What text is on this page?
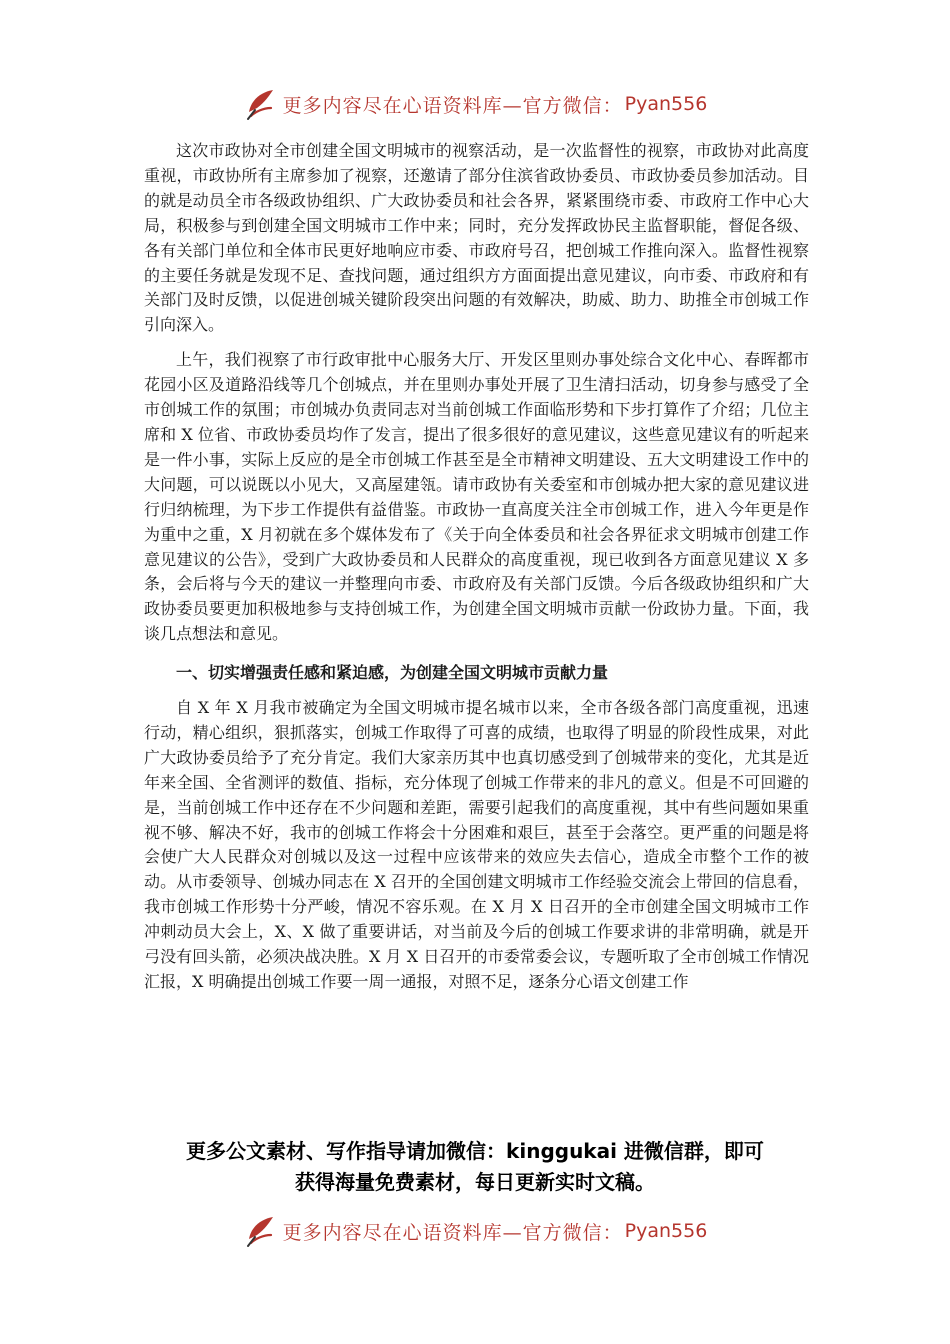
更多内容尽在心语资料库—官方微信： Pyan556

这次市政协对全市创建全国文明城市的视察活动，是一次监督性的视察，市政协对此高度重视，市政协所有主席参加了视察，还邀请了部分住滨省政协委员、市政协委员参加活动。目的就是动员全市各级政协组织、广大政协委员和社会各界，紧紧围绕市委、市政府工作中心大局，积极参与到创建全国文明城市工作中来；同时，充分发挥政协民主监督职能，督促各级、各有关部门单位和全体市民更好地响应市委、市政府号召，把创城工作推向深入。监督性视察的主要任务就是发现不足、查找问题，通过组织方方面面提出意见建议，向市委、市政府和有关部门及时反馈，以促进创城关键阶段突出问题的有效解决，助威、助力、助推全市创城工作引向深入。

上午，我们视察了市行政审批中心服务大厅、开发区里则办事处综合文化中心、春晖都市花园小区及道路沿线等几个创城点，并在里则办事处开展了卫生清扫活动，切身参与感受了全市创城工作的氛围；市创城办负责同志对当前创城工作面临形势和下步打算作了介绍；几位主席和 X 位省、市政协委员均作了发言，提出了很多很好的意见建议，这些意见建议有的听起来是一件小事，实际上反应的是全市创城工作甚至是全市精神文明建设、五大文明建设工作中的大问题，可以说既以小见大，又高屋建瓴。请市政协有关委室和市创城办把大家的意见建议进行归纳梳理，为下步工作提供有益借鉴。市政协一直高度关注全市创城工作，进入今年更是作为重中之重，X 月初就在多个媒体发布了《关于向全体委员和社会各界征求文明城市创建工作意见建议的公告》，受到广大政协委员和人民群众的高度重视，现已收到各方面意见建议 X 多条，会后将与今天的建议一并整理向市委、市政府及有关部门反馈。今后各级政协组织和广大政协委员要更加积极地参与支持创城工作，为创建全国文明城市贡献一份政协力量。下面，我谈几点想法和意见。

一、切实增强责任感和紧迫感，为创建全国文明城市贡献力量

自 X 年 X 月我市被确定为全国文明城市提名城市以来，全市各级各部门高度重视，迅速行动，精心组织，狠抓落实，创城工作取得了可喜的成绩，也取得了明显的阶段性成果，对此广大政协委员给予了充分肯定。我们大家亲历其中也真切感受到了创城带来的变化，尤其是近年来全国、全省测评的数值、指标，充分体现了创城工作带来的非凡的意义。但是不可回避的是，当前创城工作中还存在不少问题和差距，需要引起我们的高度重视，其中有些问题如果重视不够、解决不好，我市的创城工作将会十分困难和艰巨，甚至于会落空。更严重的问题是将会使广大人民群众对创城以及这一过程中应该带来的效应失去信心，造成全市整个工作的被动。从市委领导、创城办同志在 X 召开的全国创建文明城市工作经验交流会上带回的信息看，我市创城工作形势十分严峻，情况不容乐观。在 X 月 X 日召开的全市创建全国文明城市工作冲刺动员大会上，X、X 做了重要讲话，对当前及今后的创城工作要求讲的非常明确，就是开弓没有回头箭，必须决战决胜。X 月 X 日召开的市委常委会议，专题听取了全市创城工作情况汇报，X 明确提出创城工作要一周一通报，对照不足，逐条分心语文创建工作

更多公文素材、写作指导请加微信：kinggukai 进微信群，即可
获得海量免费素材，每日更新实时文稿。
更多内容尽在心语资料库—官方微信： Pyan556
